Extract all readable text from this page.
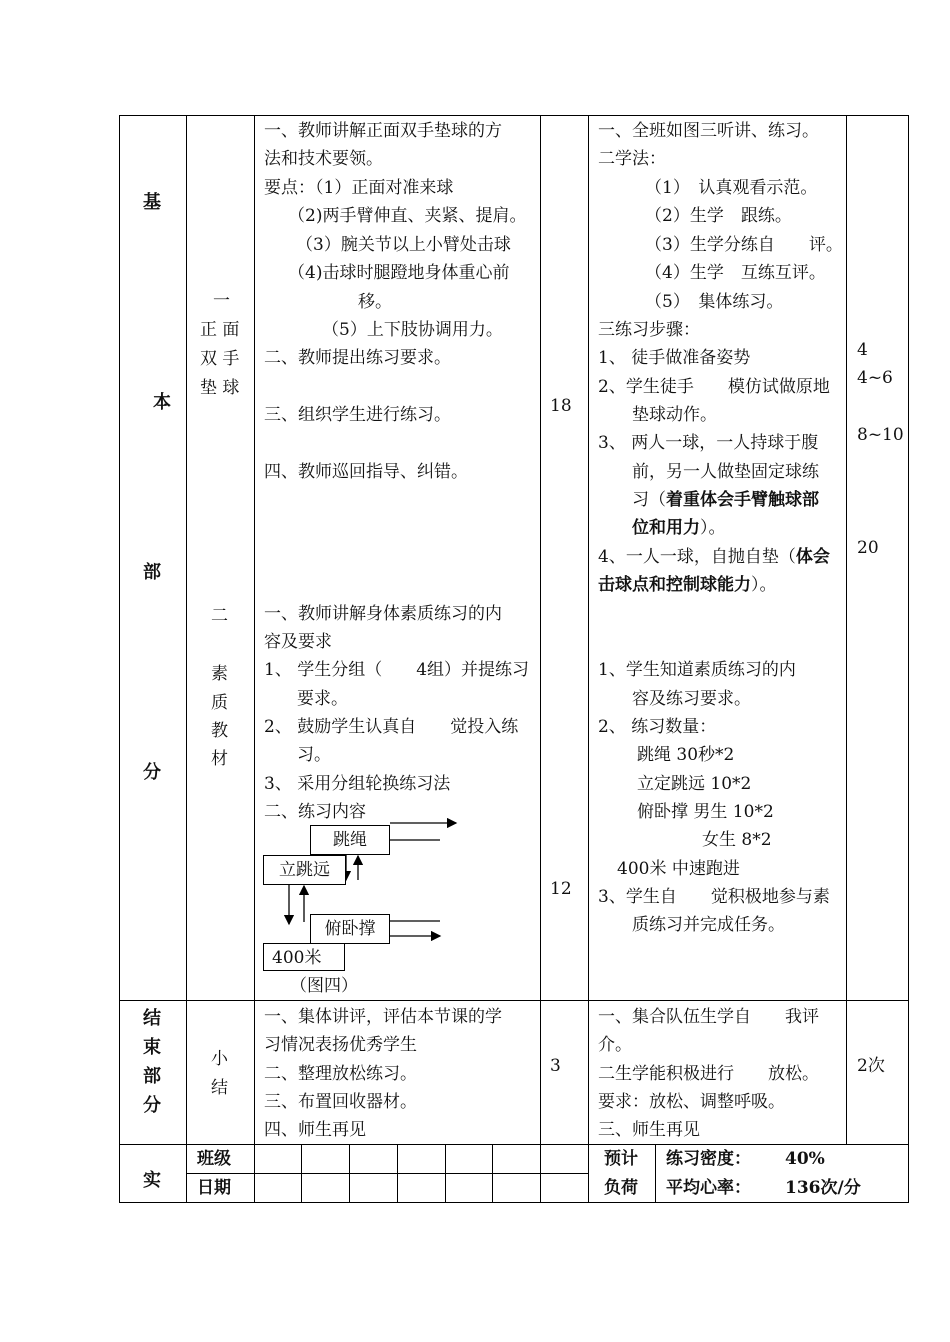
基
本
部
分
结
束
部
分
实
一
正 面
双 手
垫 球
二
素
质
教
材
小
结
一、教师讲解正面双手垫球的方
法和技术要领。
要点：（1）正面对准来球
（2)两手臂伸直、夹紧、提肩。
（3）腕关节以上小臂处击球
（4)击球时腿蹬地身体重心前
移。
（5）上下肢协调用力。
二、教师提出练习要求。
三、组织学生进行练习。
四、教师巡回指导、纠错。
一、教师讲解身体素质练习的内
容及要求
1、 学生分组（　　4组）并提练习
要求。
2、 鼓励学生认真自　　觉投入练
习。
3、 采用分组轮换练习法
二、练习内容
跳绳
立跳远
俯卧撑
400米
（图四）
一、集体讲评，评估本节课的学
习情况表扬优秀学生
二、整理放松练习。
三、布置回收器材。
四、师生再见
18
12
3
一、全班如图三听讲、练习。
二学法：
（1）　认真观看示范。
（2）生学　跟练。
（3）生学分练自　　评。
（4）生学　互练互评。
（5）　集体练习。
三练习步骤：
1、 徒手做准备姿势
2、学生徒手　　模仿试做原地
垫球动作。
3、 两人一球，一人持球于腹
前，另一人做垫固定球练
习（着重体会手臂触球部
位和用力）。
4、一人一球，自抛自垫（体会
击球点和控制球能力）。
1、学生知道素质练习的内
容及练习要求。
2、 练习数量：
跳绳 30秒*2
立定跳远 10*2
俯卧撑 男生 10*2
女生 8*2
400米 中速跑进
3、学生自　　觉积极地参与素
质练习并完成任务。
一、集合队伍生学自　　我评
介。
二生学能积极进行　　放松。
要求：放松、调整呼吸。
三、师生再见
4
4~6
8~10
20
2次
班级
日期
预计
负荷
练习密度： 40%
平均心率： 136次/分
